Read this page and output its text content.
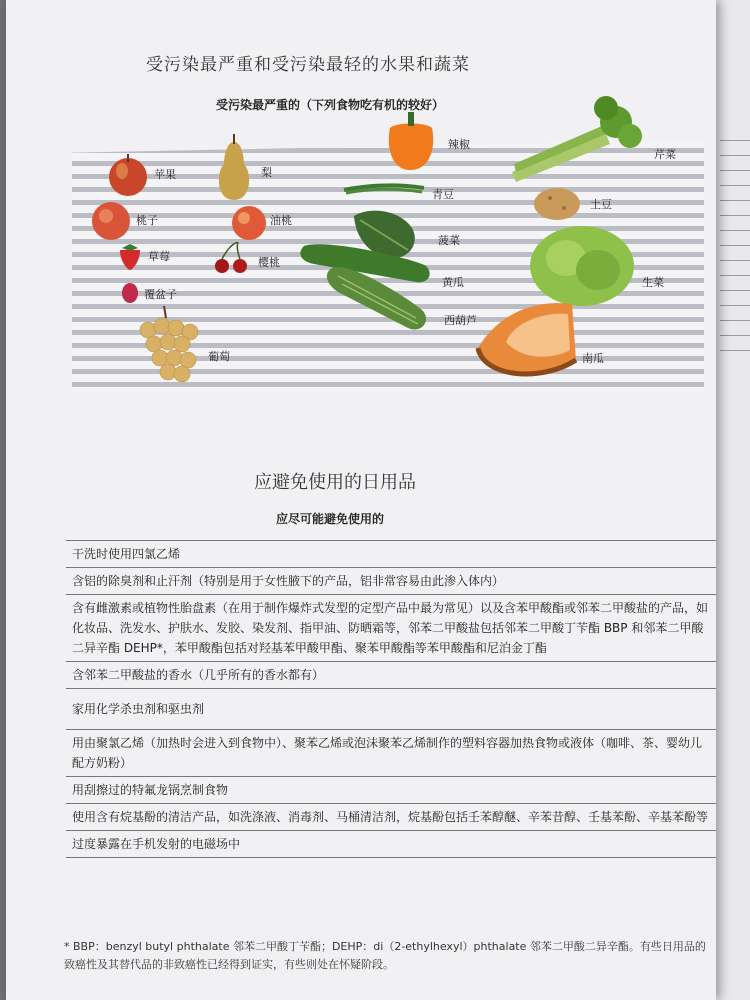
受污染最严重和受污染最轻的水果和蔬菜
受污染最严重的（下列食物吃有机的较好）
苹果	梨
辣椒
芹菜
桃子	油桃
青豆
土豆
草莓	樱桃
菠菜
覆盆子
黄瓜
西葫芦
生菜
葡萄	南瓜
应避免使用的日用品
应尽可能避免使用的
干洗时使用四氯乙烯
含铝的除臭剂和止汗剂（特别是用于女性腋下的产品，铝非常容易由此渗入体内）
含有雌激素或植物性胎盘素（在用于制作爆炸式发型的定型产品中最为常见）以及含苯甲酸酯或邻苯二甲酸盐的产品，如化妆品、洗发水、护肤水、发胶、染发剂、指甲油、防晒霜等，邻苯二甲酸盐包括邻苯二甲酸丁苄酯 BBP 和邻苯二甲酸二异辛酯 DEHP*，苯甲酸酯包括对羟基苯甲酸甲酯、聚苯甲酸酯等苯甲酸酯和尼泊金丁酯
含邻苯二甲酸盐的香水（几乎所有的香水都有）
家用化学杀虫剂和驱虫剂
用由聚氯乙烯（加热时会进入到食物中）、聚苯乙烯或泡沫聚苯乙烯制作的塑料容器加热食物或液体（咖啡、茶、婴幼儿配方奶粉）
用刮擦过的特氟龙锅烹制食物
使用含有烷基酚的清洁产品，如洗涤液、消毒剂、马桶清洁剂，烷基酚包括壬苯醇醚、辛苯昔醇、壬基苯酚、辛基苯酚等
过度暴露在手机发射的电磁场中
* BBP：benzyl butyl phthalate 邻苯二甲酸丁苄酯；DEHP：di（2-ethylhexyl）phthalate 邻苯二甲酸二异辛酯。有些日用品的致癌性及其替代品的非致癌性已经得到证实，有些则处在怀疑阶段。
